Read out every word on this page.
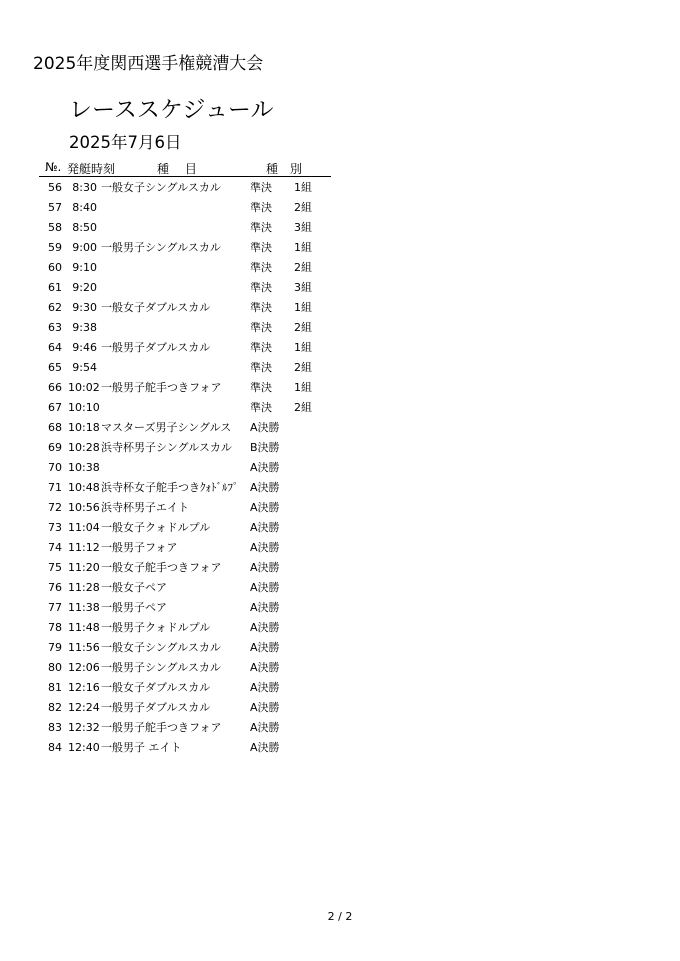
2025年度関西選手権競漕大会
レーススケジュール
2025年7月6日
№. 発艇時刻	種　 目	種　別
56 8:30 一般女子シングルスカル	準決 1組
57 8:40	準決 2組
58 8:50	準決 3組
59 9:00 一般男子シングルスカル	準決 1組
60 9:10	準決 2組
61 9:20	準決 3組
62 9:30 一般女子ダブルスカル	準決 1組
63 9:38	準決 2組
64 9:46 一般男子ダブルスカル	準決 1組
65 9:54	準決 2組
66 10:02 一般男子舵手つきフォア	準決 1組
67 10:10	準決 2組
68 10:18 マスターズ男子シングルス A決勝
69 10:28 浜寺杯男子シングルスカル B決勝
70 10:38	A決勝
71 10:48 浜寺杯女子舵手つきｸｫﾄﾞﾙﾌﾟ A決勝
72 10:56 浜寺杯男子エイト	A決勝
73 11:04 一般女子クォドルプル	A決勝
74 11:12 一般男子フォア	A決勝
75 11:20 一般女子舵手つきフォア	A決勝
76 11:28 一般女子ペア	A決勝
77 11:38 一般男子ペア	A決勝
78 11:48 一般男子クォドルプル	A決勝
79 11:56 一般女子シングルスカル	A決勝
80 12:06 一般男子シングルスカル	A決勝
81 12:16 一般女子ダブルスカル	A決勝
82 12:24 一般男子ダブルスカル	A決勝
83 12:32 一般男子舵手つきフォア	A決勝
84 12:40 一般男子 エイト	A決勝
2 / 2
